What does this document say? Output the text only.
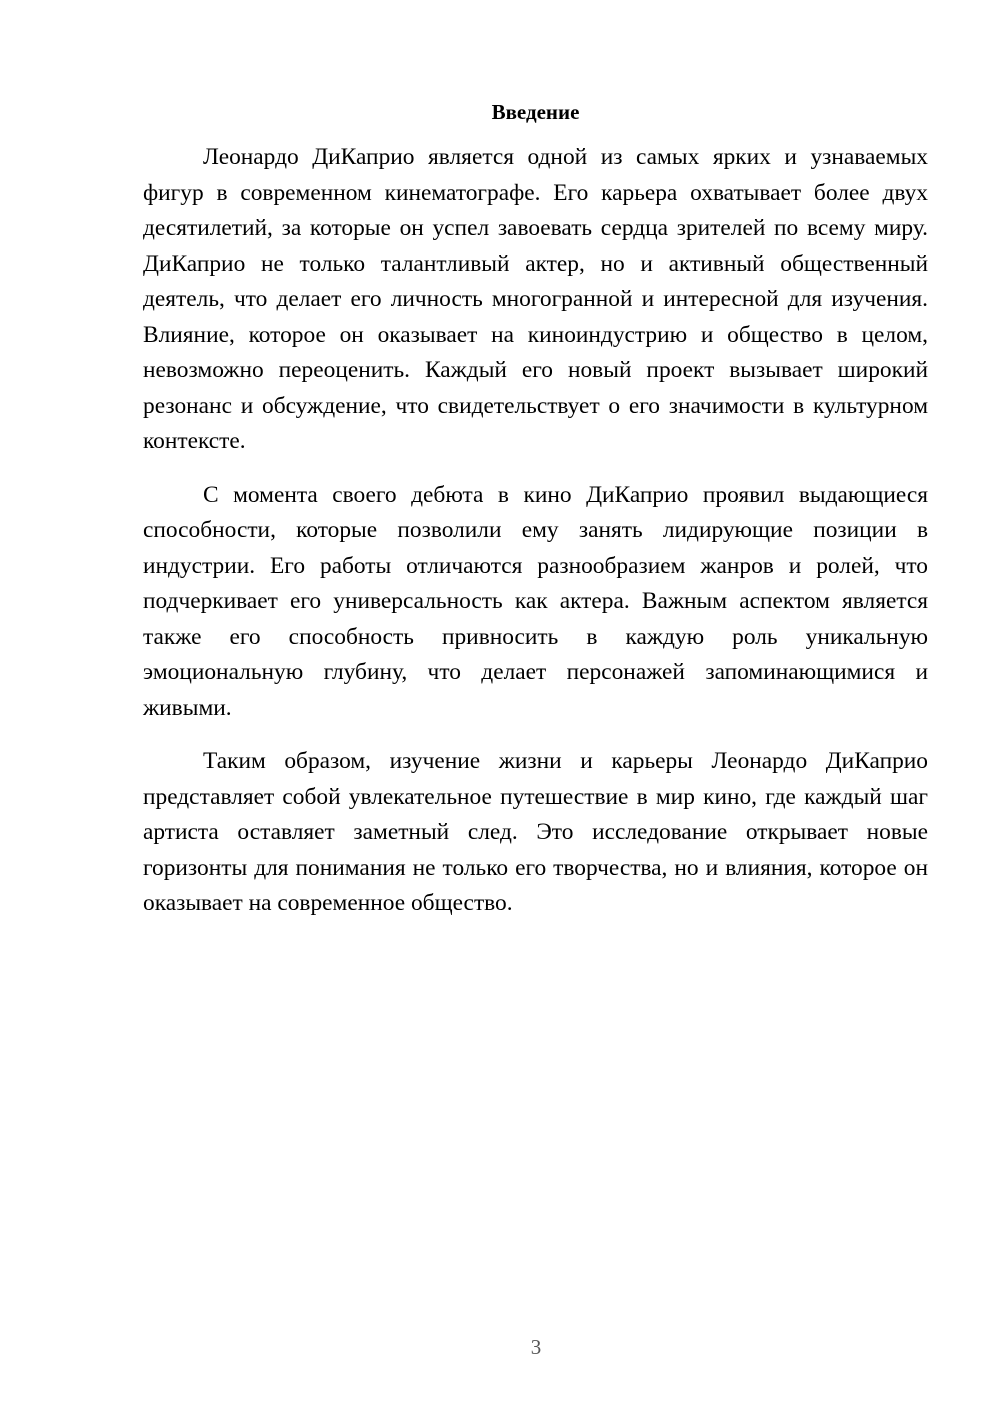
Введение

Леонардо ДиКаприо является одной из самых ярких и узнаваемых фигур в современном кинематографе. Его карьера охватывает более двух десятилетий, за которые он успел завоевать сердца зрителей по всему миру. ДиКаприо не только талантливый актер, но и активный общественный деятель, что делает его личность многогранной и интересной для изучения. Влияние, которое он оказывает на киноиндустрию и общество в целом, невозможно переоценить. Каждый его новый проект вызывает широкий резонанс и обсуждение, что свидетельствует о его значимости в культурном контексте.

С момента своего дебюта в кино ДиКаприо проявил выдающиеся способности, которые позволили ему занять лидирующие позиции в индустрии. Его работы отличаются разнообразием жанров и ролей, что подчеркивает его универсальность как актера. Важным аспектом является также его способность привносить в каждую роль уникальную эмоциональную глубину, что делает персонажей запоминающимися и живыми.

Таким образом, изучение жизни и карьеры Леонардо ДиКаприо представляет собой увлекательное путешествие в мир кино, где каждый шаг артиста оставляет заметный след. Это исследование открывает новые горизонты для понимания не только его творчества, но и влияния, которое он оказывает на современное общество.

3
